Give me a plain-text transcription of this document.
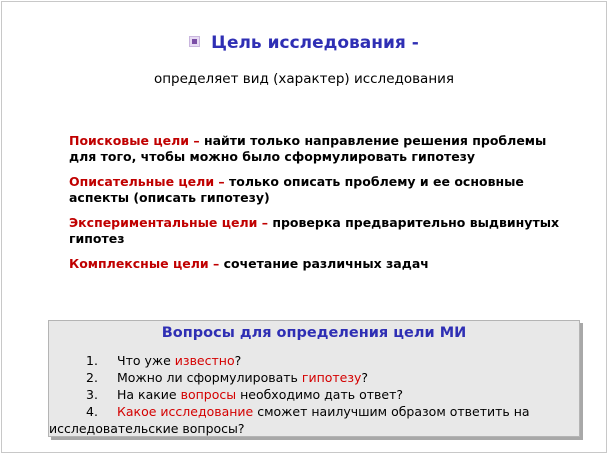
Цель исследования -
определяет вид (характер) исследования
Поисковые цели – найти только направление решения проблемы для того, чтобы можно было сформулировать гипотезу
Описательные цели – только описать проблему и ее основные аспекты (описать гипотезу)
Экспериментальные цели – проверка предварительно выдвинутых гипотез
Комплексные цели – сочетание различных задач
Вопросы для определения цели МИ
1. Что уже известно?
2. Можно ли сформулировать гипотезу?
3. На какие вопросы необходимо дать ответ?
4. Какое исследование сможет наилучшим образом ответить на
исследовательские вопросы?
